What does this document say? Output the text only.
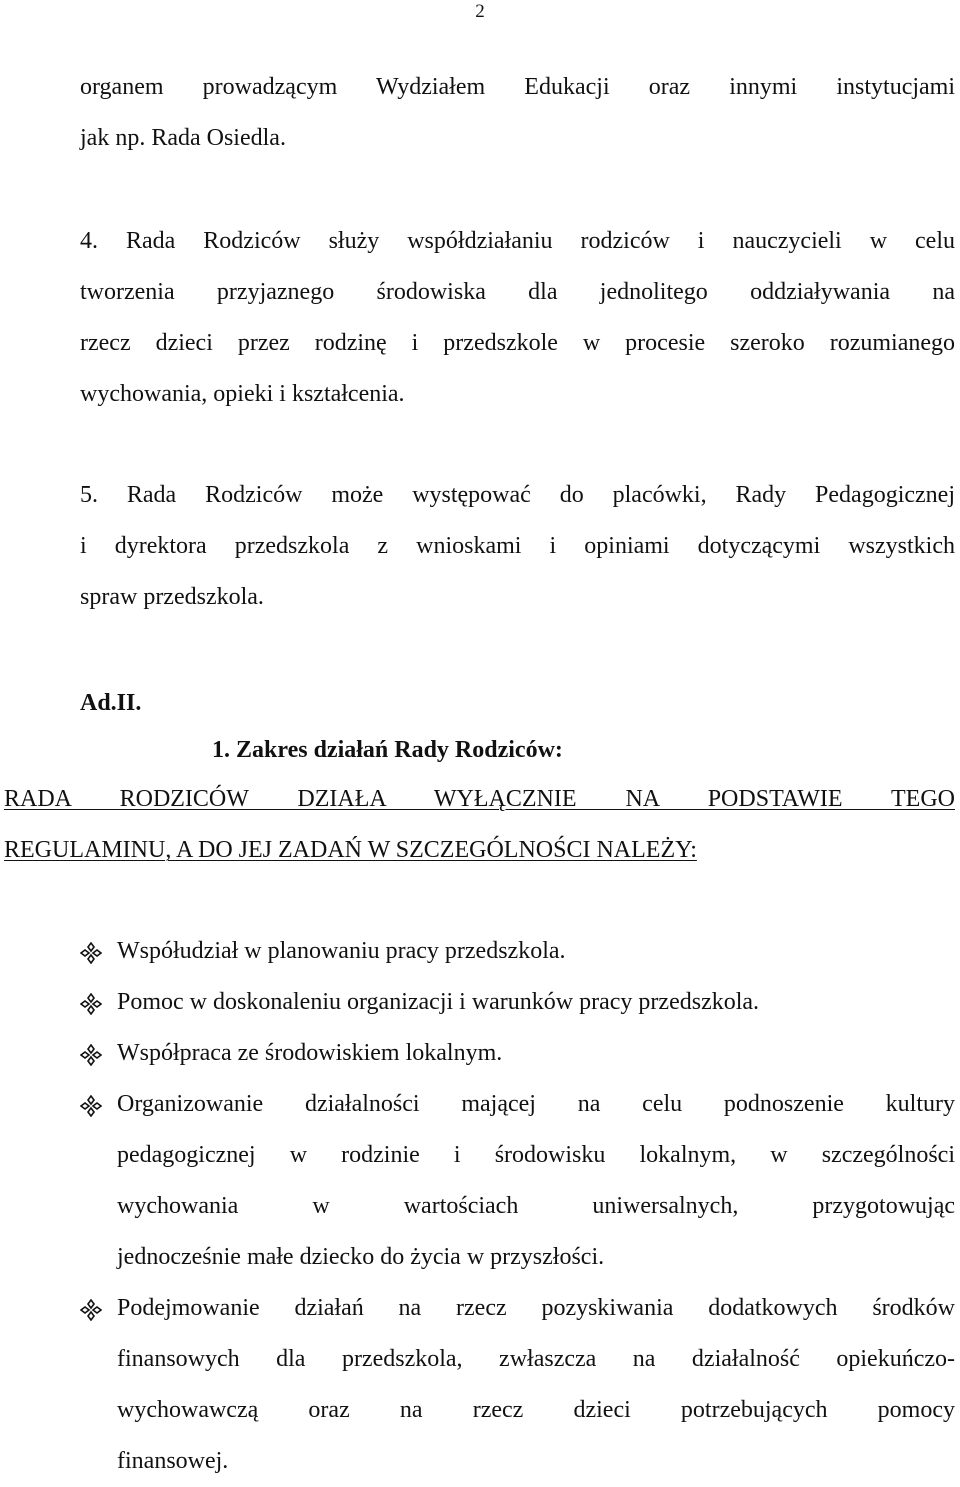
2
organem prowadzącym Wydziałem Edukacji oraz innymi instytucjami
jak np. Rada Osiedla.
4. Rada Rodziców służy współdziałaniu rodziców i nauczycieli w celu
tworzenia przyjaznego środowiska dla jednolitego oddziaływania na
rzecz dzieci przez rodzinę i przedszkole w procesie szeroko rozumianego
wychowania, opieki i kształcenia.
5. Rada Rodziców może występować do placówki, Rady Pedagogicznej
i dyrektora przedszkola z wnioskami i opiniami dotyczącymi wszystkich
spraw przedszkola.
Ad.II.
1. Zakres działań Rady Rodziców:
RADA RODZICÓW DZIAŁA WYŁĄCZNIE NA PODSTAWIE TEGO
REGULAMINU, A DO JEJ ZADAŃ W SZCZEGÓLNOŚCI NALEŻY:
Współudział w planowaniu pracy przedszkola.
Pomoc w doskonaleniu organizacji i warunków pracy przedszkola.
Współpraca ze środowiskiem lokalnym.
Organizowanie działalności mającej na celu podnoszenie kultury
pedagogicznej w rodzinie i środowisku lokalnym, w szczególności
wychowania w wartościach uniwersalnych, przygotowując
jednocześnie małe dziecko do życia w przyszłości.
Podejmowanie działań na rzecz pozyskiwania dodatkowych środków
finansowych dla przedszkola, zwłaszcza na działalność opiekuńczo-
wychowawczą oraz na rzecz dzieci potrzebujących pomocy
finansowej.
